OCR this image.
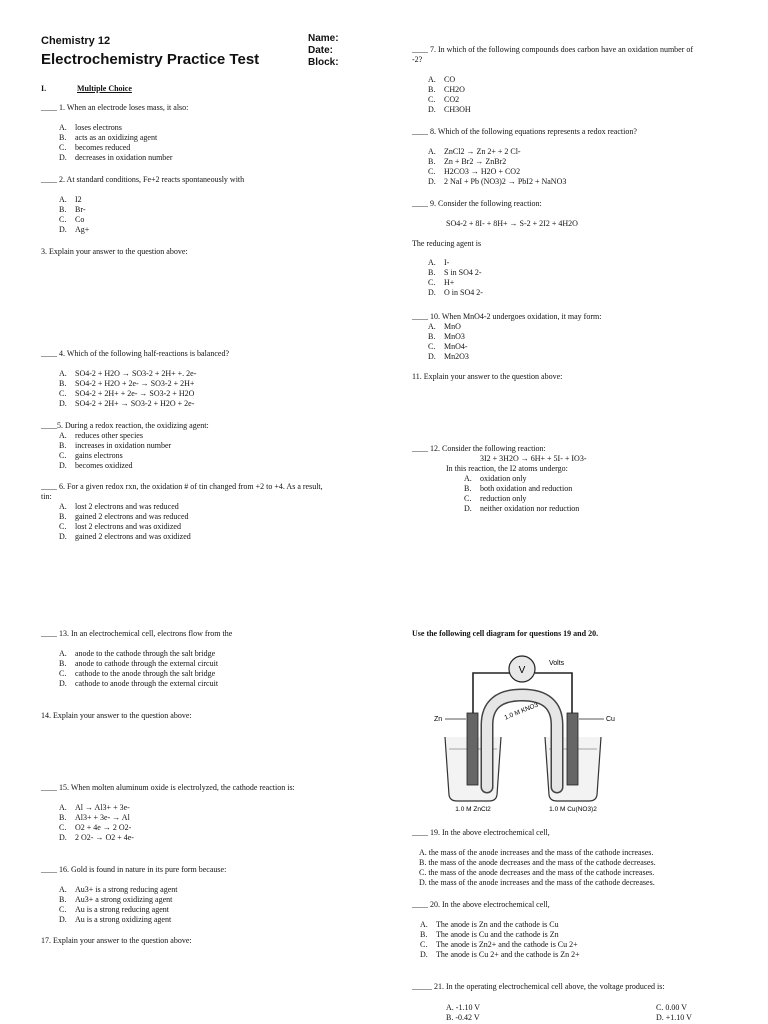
Chemistry 12
Electrochemistry Practice Test
Name:
Date:
Block:
I.	Multiple Choice
____ 1. When an electrode loses mass, it also:
A.	loses electrons
B.	acts as an oxidizing agent
C.	becomes reduced
D.	decreases in oxidation number
____ 2. At standard conditions, Fe+2 reacts spontaneously with
A.	I2
B.	Br-
C.	Co
D.	Ag+
3. Explain your answer to the question above:
____ 4. Which of the following half-reactions is balanced?
A.	SO4-2 + H2O → SO3-2 + 2H+ +. 2e-
B.	SO4-2 + H2O + 2e- → SO3-2 + 2H+
C.	SO4-2 + 2H+ + 2e- → SO3-2 + H2O
D.	SO4-2 + 2H+ → SO3-2 + H2O + 2e-
____5. During a redox reaction, the oxidizing agent:
A.	reduces other species
B.	increases in oxidation number
C.	gains electrons
D.	becomes oxidized
____ 6. For a given redox rxn, the oxidation # of tin changed from +2 to +4. As a result,
tin:
A.	lost 2 electrons and was reduced
B.	gained 2 electrons and was reduced
C.	lost 2 electrons and was oxidized
D.	gained 2 electrons and was oxidized
____ 7. In which of the following compounds does carbon have an oxidation number of
-2?
A.	CO
B.	CH2O
C.	CO2
D.	CH3OH
____ 8. Which of the following equations represents a redox reaction?
A.	ZnCl2 → Zn 2+ + 2 Cl-
B.	Zn + Br2 → ZnBr2
C.	H2CO3 → H2O + CO2
D.	2 NaI + Pb (NO3)2 → PbI2 + NaNO3
____ 9. Consider the following reaction:
SO4-2 + 8I- + 8H+ → S-2 + 2I2 + 4H2O
The reducing agent is
A.	I-
B.	S in SO4 2-
C.	H+
D.	O in SO4 2-
____ 10. When MnO4-2 undergoes oxidation, it may form:
A.	MnO
B.	MnO3
C.	MnO4-
D.	Mn2O3
11. Explain your answer to the question above:
____ 12. Consider the following reaction:
3I2 + 3H2O → 6H+ + 5I- + IO3-
In this reaction, the I2 atoms undergo:
A.	oxidation only
B.	both oxidation and reduction
C.	reduction only
D.	neither oxidation nor reduction
____ 13. In an electrochemical cell, electrons flow from the
A.	anode to the cathode through the salt bridge
B.	anode to cathode through the external circuit
C.	cathode to the anode through the salt bridge
D.	cathode to anode through the external circuit
14. Explain your answer to the question above:
____ 15. When molten aluminum oxide is electrolyzed, the cathode reaction is:
A.	Al → Al3+ + 3e-
B.	Al3+ + 3e- → Al
C.	O2 + 4e → 2 O2-
D.	2 O2- → O2 + 4e-
____ 16. Gold is found in nature in its pure form because:
A.	Au3+ is a strong reducing agent
B.	Au3+ a strong oxidizing agent
C.	Au is a strong reducing agent
D.	Au is a strong oxidizing agent
17. Explain your answer to the question above:
Use the following cell diagram for questions 19 and 20.
V
Volts
1.0 M KNO3
Zn	Cu
1.0 M ZnCl2	1.0 M Cu(NO3)2
____ 19. In the above electrochemical cell,
A. the mass of the anode increases and the mass of the cathode increases.
B. the mass of the anode decreases and the mass of the cathode decreases.
C. the mass of the anode decreases and the mass of the cathode increases.
D. the mass of the anode increases and the mass of the cathode decreases.
____ 20. In the above electrochemical cell,
A.	The anode is Zn and the cathode is Cu
B.	The anode is Cu and the cathode is Zn
C.	The anode is Zn2+ and the cathode is Cu 2+
D.	The anode is Cu 2+ and the cathode is Zn 2+
_____ 21. In the operating electrochemical cell above, the voltage produced is:
A. -1.10 V
B. -0.42 V
C. 0.00 V
D. +1.10 V
